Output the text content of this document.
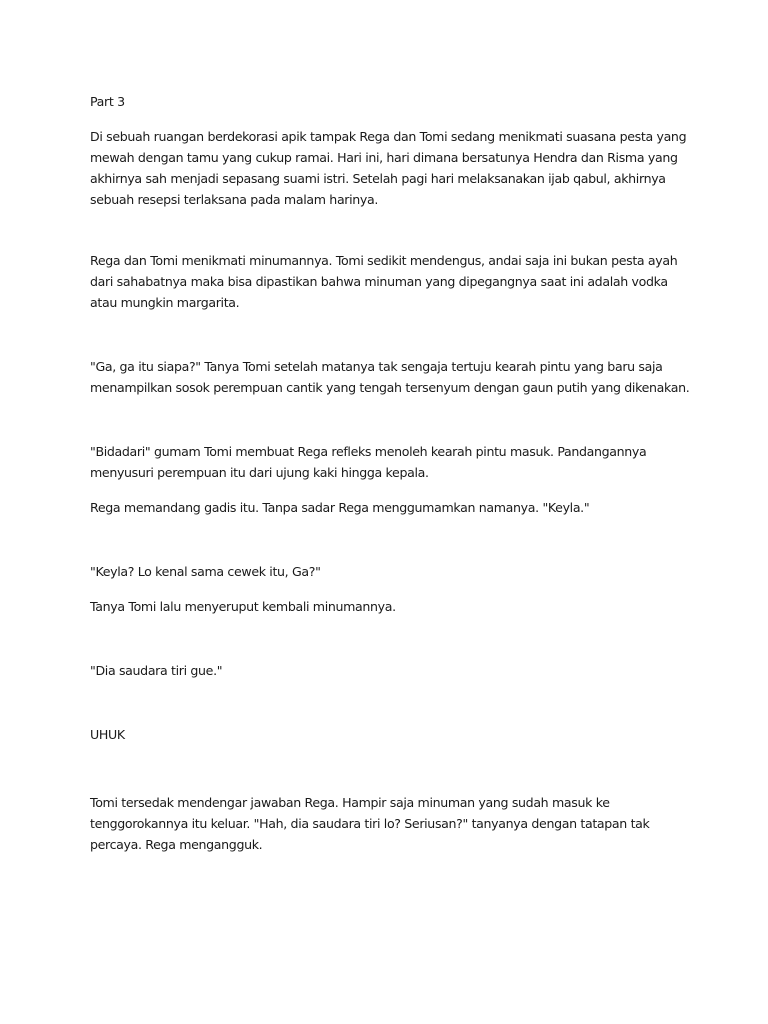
Part 3

Di sebuah ruangan berdekorasi apik tampak Rega dan Tomi sedang menikmati suasana pesta yang mewah dengan tamu yang cukup ramai. Hari ini, hari dimana bersatunya Hendra dan Risma yang akhirnya sah menjadi sepasang suami istri. Setelah pagi hari melaksanakan ijab qabul, akhirnya sebuah resepsi terlaksana pada malam harinya.

Rega dan Tomi menikmati minumannya. Tomi sedikit mendengus, andai saja ini bukan pesta ayah dari sahabatnya maka bisa dipastikan bahwa minuman yang dipegangnya saat ini adalah vodka atau mungkin margarita.

"Ga, ga itu siapa?" Tanya Tomi setelah matanya tak sengaja tertuju kearah pintu yang baru saja menampilkan sosok perempuan cantik yang tengah tersenyum dengan gaun putih yang dikenakan.

"Bidadari" gumam Tomi membuat Rega refleks menoleh kearah pintu masuk. Pandangannya menyusuri perempuan itu dari ujung kaki hingga kepala.

Rega memandang gadis itu. Tanpa sadar Rega menggumamkan namanya. "Keyla."

"Keyla? Lo kenal sama cewek itu, Ga?"

Tanya Tomi lalu menyeruput kembali minumannya.

"Dia saudara tiri gue."

UHUK

Tomi tersedak mendengar jawaban Rega. Hampir saja minuman yang sudah masuk ke tenggorokannya itu keluar. "Hah, dia saudara tiri lo? Seriusan?" tanyanya dengan tatapan tak percaya. Rega mengangguk.
